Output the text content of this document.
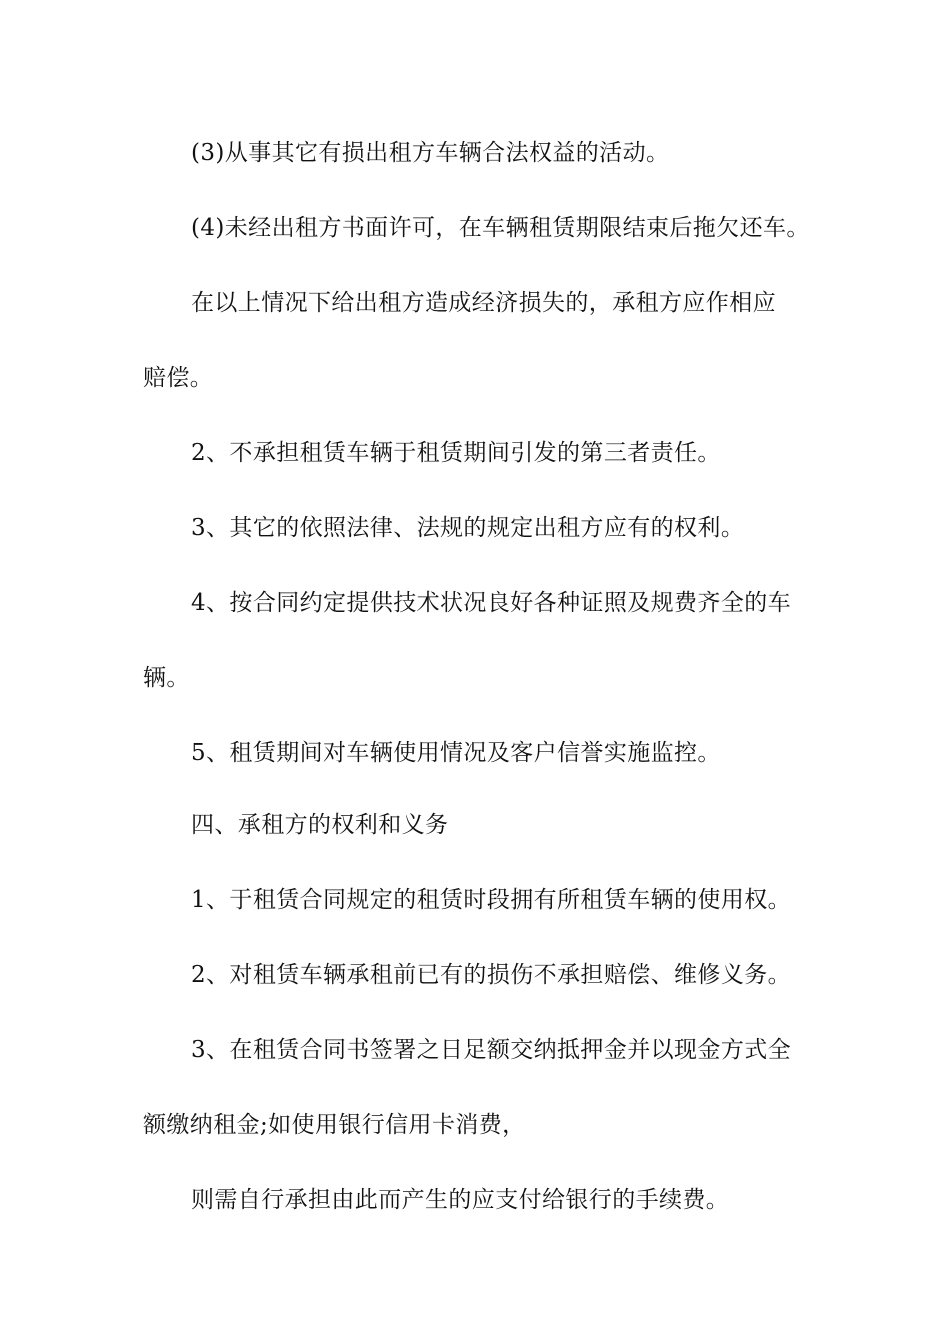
(3)从事其它有损出租方车辆合法权益的活动。
(4)未经出租方书面许可，在车辆租赁期限结束后拖欠还车。
在以上情况下给出租方造成经济损失的，承租方应作相应
赔偿。
2、不承担租赁车辆于租赁期间引发的第三者责任。
3、其它的依照法律、法规的规定出租方应有的权利。
4、按合同约定提供技术状况良好各种证照及规费齐全的车
辆。
5、租赁期间对车辆使用情况及客户信誉实施监控。
四、承租方的权利和义务
1、于租赁合同规定的租赁时段拥有所租赁车辆的使用权。
2、对租赁车辆承租前已有的损伤不承担赔偿、维修义务。
3、在租赁合同书签署之日足额交纳抵押金并以现金方式全
额缴纳租金;如使用银行信用卡消费，
则需自行承担由此而产生的应支付给银行的手续费。
